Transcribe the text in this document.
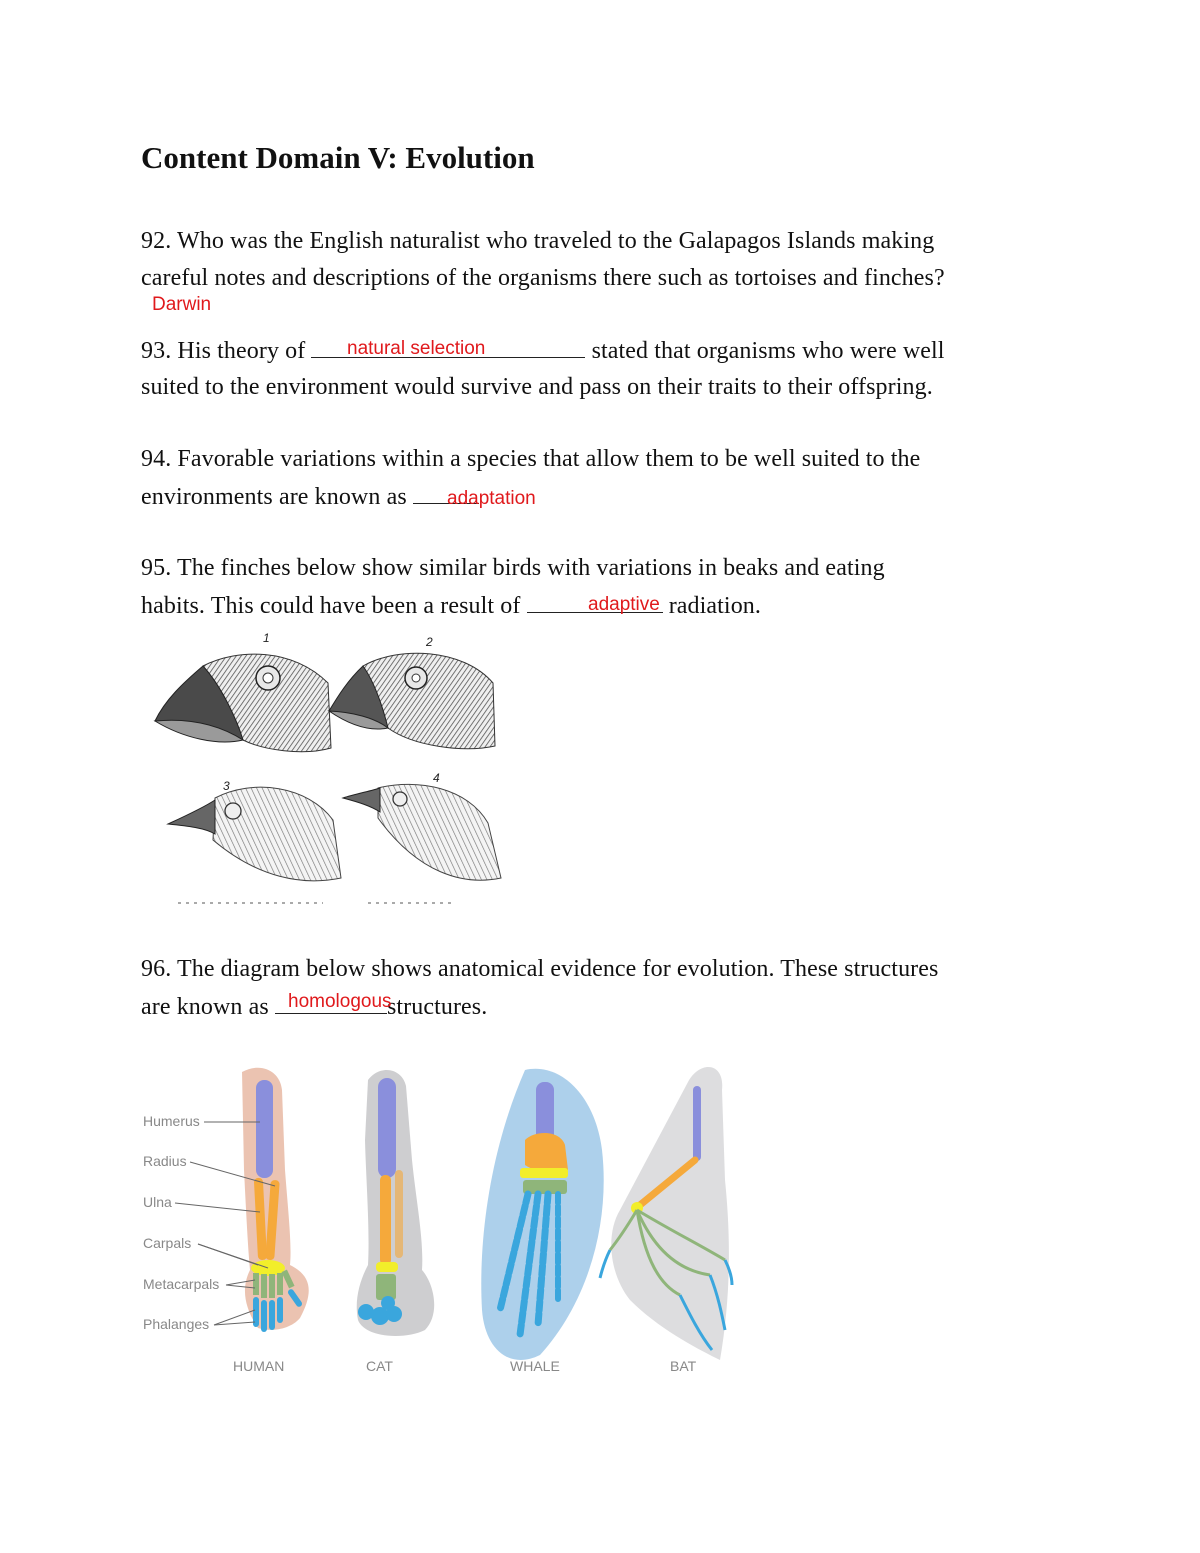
Content Domain V: Evolution
92. Who was the English naturalist who traveled to the Galapagos Islands making
careful notes and descriptions of the organisms there such as tortoises and finches?
Darwin
93. His theory of	stated that organisms who were well
natural selection
suited to the environment would survive and pass on their traits to their offspring.
94. Favorable variations within a species that allow them to be well suited to the
environments are known as	adaptation
95. The finches below show similar birds with variations in beaks and eating
habits. This could have been a result of	radiation.
adaptive
1	2
3
4
96. The diagram below shows anatomical evidence for evolution. These structures
are known as	structures.
homologous
Humerus
Radius
Ulna
Carpals
Metacarpals
Phalanges
HUMAN	CAT	WHALE	BAT
